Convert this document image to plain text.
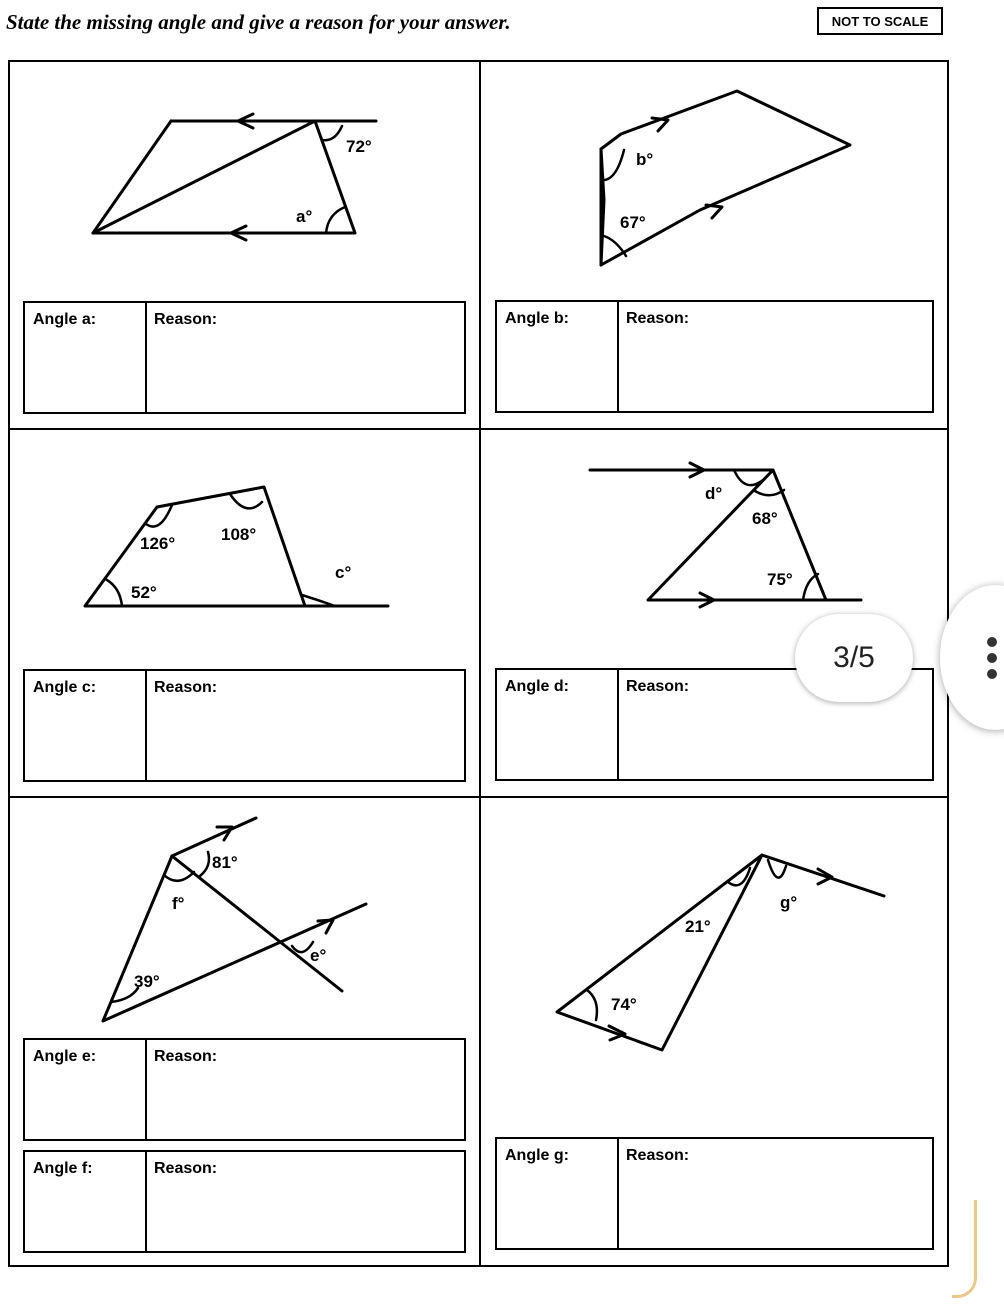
State the missing angle and give a reason for your answer.	NOT TO SCALE
72°
a°
b°
67°
126°	108°
52°
c°
d°
68°
75°
81°
f°
e°
39°
21°
g°
74°
Angle a:	Reason:	Angle b:	Reason:
Angle c:	Reason:	Angle d:	Reason:
Angle e:	Reason:
Angle f:	Reason:
Angle g:	Reason:
3/5
